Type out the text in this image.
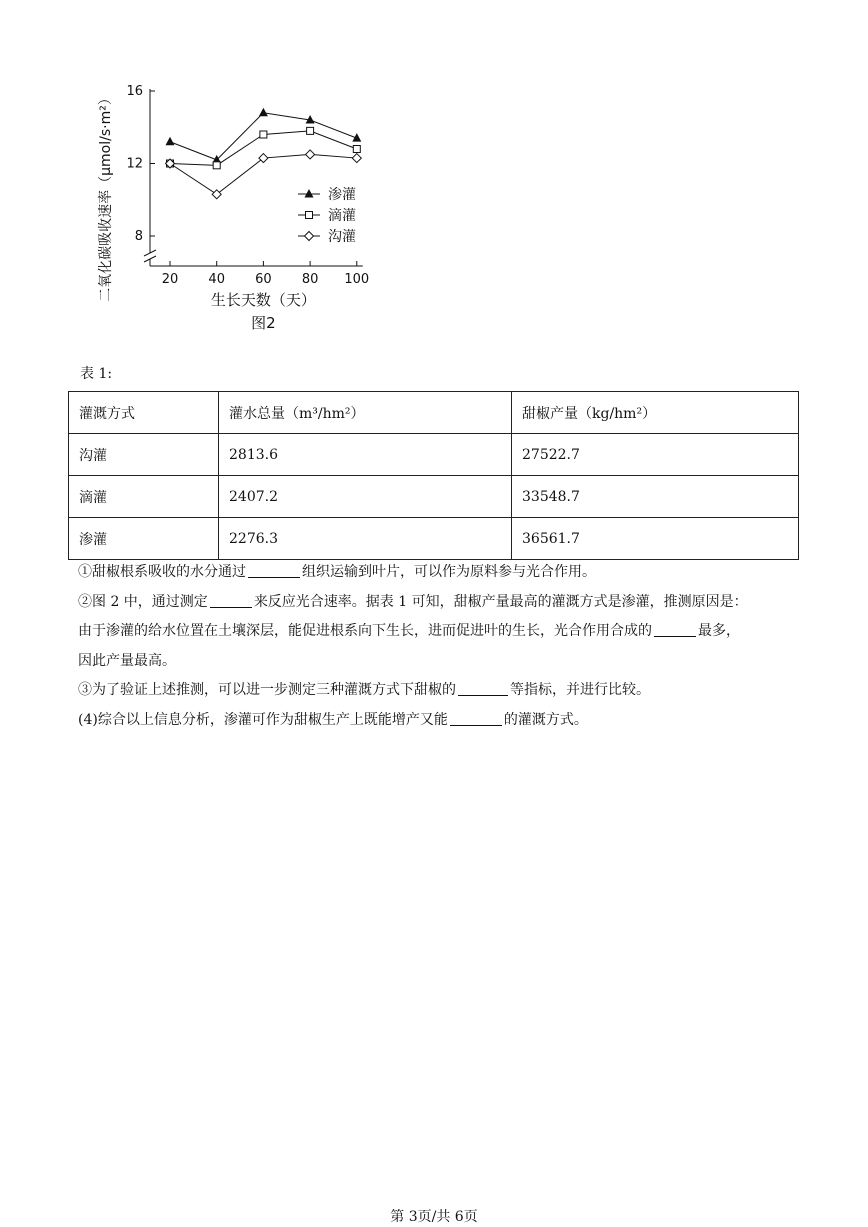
8
12
16
20 40 60 80 100
生长天数（天）
二氧化碳吸收速率（μmol/s·m²）
图2
渗灌
滴灌
沟灌
表 1:
灌溉方式	灌水总量（m³/hm²）	甜椒产量（kg/hm²）
沟灌	2813.6	27522.7
滴灌	2407.2	33548.7
渗灌	2276.3	36561.7

①甜椒根系吸收的水分通过	组织运输到叶片，可以作为原料参与光合作用。

②图 2 中，通过测定	来反应光合速率。据表 1 可知，甜椒产量最高的灌溉方式是渗灌，推测原因是：

由于渗灌的给水位置在土壤深层，能促进根系向下生长，进而促进叶的生长，光合作用合成的	最多，

因此产量最高。

③为了验证上述推测，可以进一步测定三种灌溉方式下甜椒的	等指标，并进行比较。

(4)综合以上信息分析，渗灌可作为甜椒生产上既能增产又能	的灌溉方式。

第 3页/共 6页
